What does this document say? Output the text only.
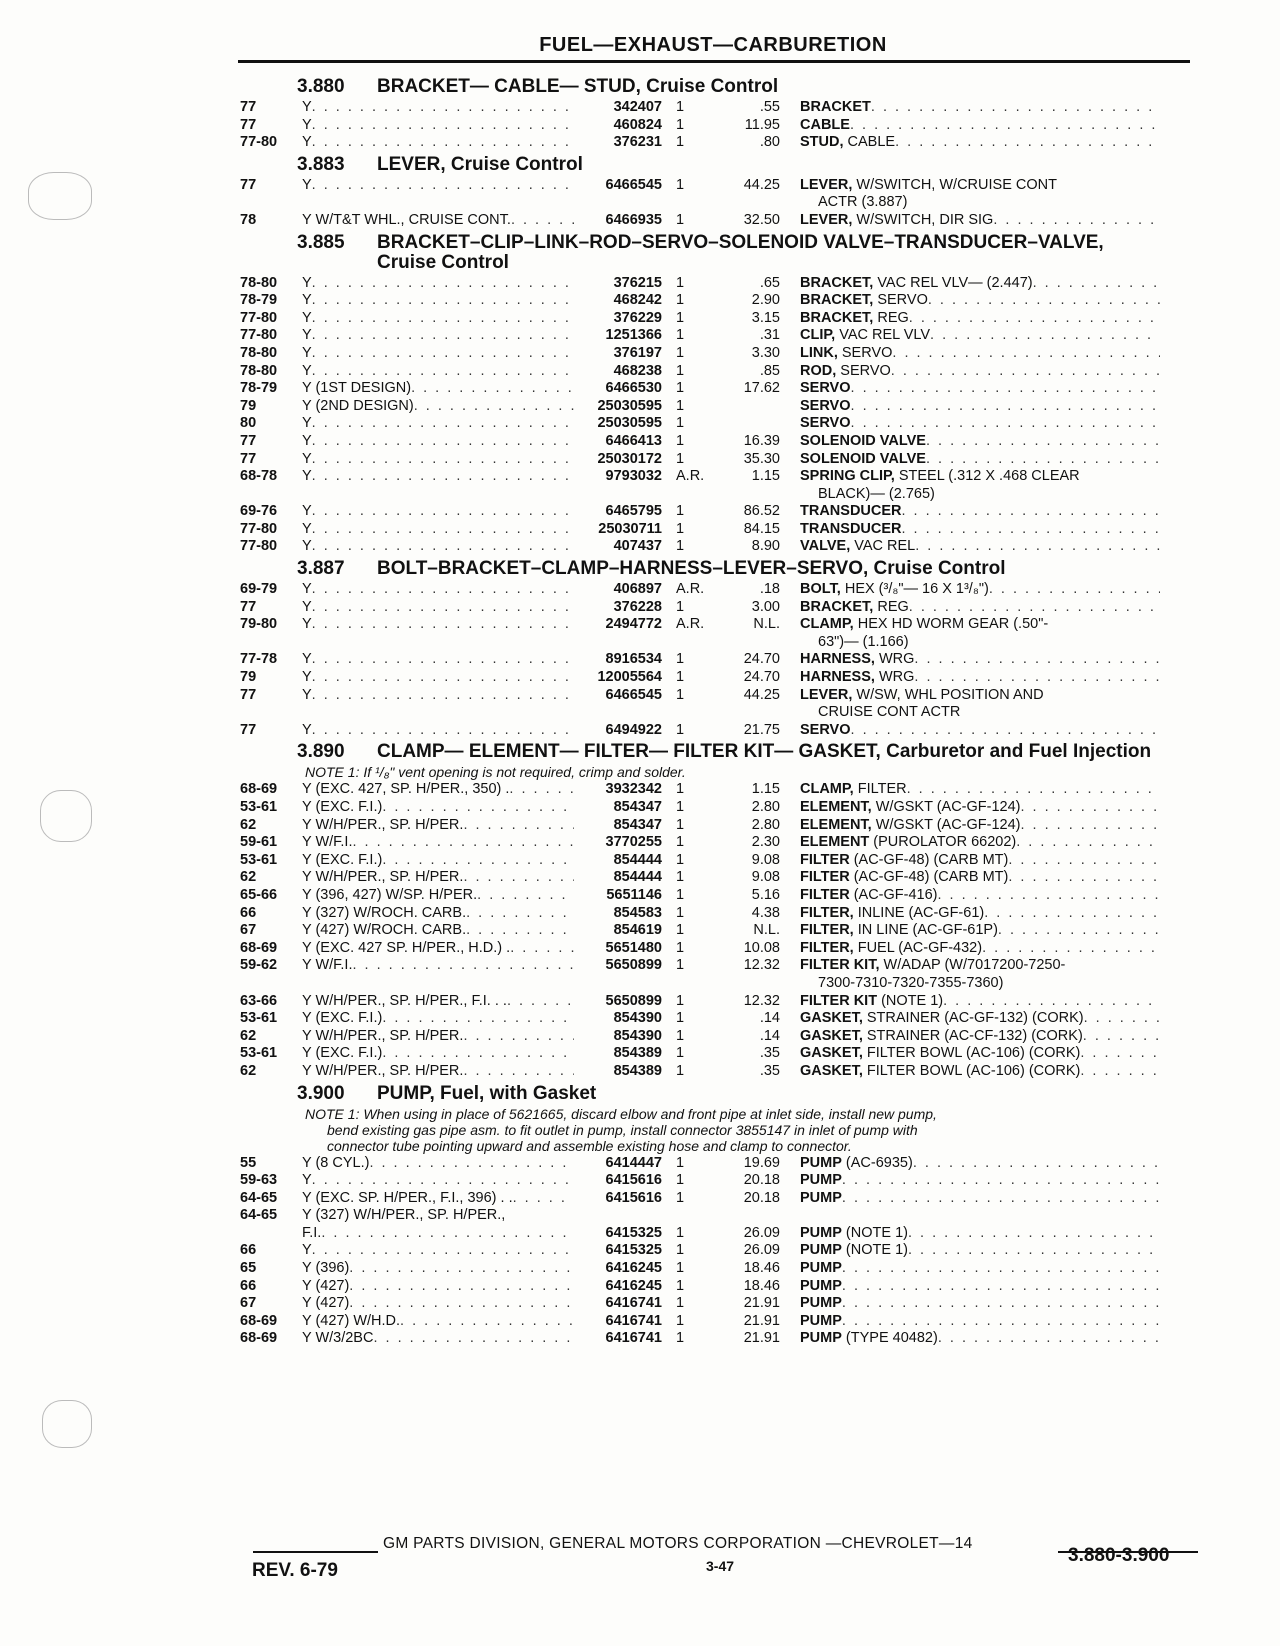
FUEL—EXHAUST—CARBURETION
3.880	BRACKET— CABLE— STUD, Cruise Control
77	Y . . .	342407 1	.55 BRACKET
. . .
77	Y . . .	460824 1	11.95 CABLE
. . .
77-80	Y . . .	376231 1	.80 STUD, CABLE
. . .
3.883	LEVER, Cruise Control
77	Y . . .	6466545 1	44.25 LEVER, W/SWITCH, W/CRUISE CONT
ACTR (3.887)
78	Y W/T&T WHL., CRUISE CONT. . . .	6466935 1	32.50 LEVER, W/SWITCH, DIR SIG
. . .
3.885	BRACKET–CLIP–LINK–ROD–SERVO–SOLENOID VALVE–TRANSDUCER–VALVE, Cruise Control
78-80	Y . . .	376215 1	.65 BRACKET, VAC REL VLV— (2.447)
. . .
78-79	Y . . .	468242 1	2.90 BRACKET, SERVO
. . .
77-80	Y . . .	376229 1	3.15 BRACKET, REG
. . .
77-80	Y . . .	1251366 1	.31 CLIP, VAC REL VLV
. . .
78-80	Y . . .	376197 1	3.30 LINK, SERVO
. . .
78-80	Y . . .	468238 1	.85 ROD, SERVO
. . .
78-79	Y (1ST DESIGN) . . .	6466530 1	17.62 SERVO
. . .
79	Y (2ND DESIGN) . . .	25030595 1	SERVO
. . .
80	Y . . .	25030595 1	SERVO
. . .
77	Y . . .	6466413 1	16.39 SOLENOID VALVE
. . .
77	Y . . .	25030172 1	35.30 SOLENOID VALVE
. . .
68-78	Y . . .	9793032 A.R.	1.15 SPRING CLIP, STEEL (.312 X .468 CLEAR
BLACK)— (2.765)
69-76	Y . . .	6465795 1	86.52 TRANSDUCER
. . .
77-80	Y . . .	25030711 1	84.15 TRANSDUCER
. . .
77-80	Y . . .	407437 1	8.90 VALVE, VAC REL
. . .
3.887	BOLT–BRACKET–CLAMP–HARNESS–LEVER–SERVO, Cruise Control
69-79	Y . . .	406897 A.R.	.18 BOLT, HEX (³/₈"— 16 X 1³/₈")
. . .
77	Y . . .	376228 1	3.00 BRACKET, REG
. . .
79-80	Y . . .	2494772 A.R.	N.L. CLAMP, HEX HD WORM GEAR (.50"-
63")— (1.166)
77-78	Y . . .	8916534 1	24.70 HARNESS, WRG
. . .
79	Y . . .	12005564 1	24.70 HARNESS, WRG
. . .
77	Y . . .	6466545 1	44.25 LEVER, W/SW, WHL POSITION AND
CRUISE CONT ACTR
77	Y . . .	6494922 1	21.75 SERVO
. . .
3.890	CLAMP— ELEMENT— FILTER— FILTER KIT— GASKET, Carburetor and Fuel Injection
NOTE 1: If ¹/₈" vent opening is not required, crimp and solder.

68-69	Y (EXC. 427, SP. H/PER., 350) . . . .	3932342 1	1.15 CLAMP, FILTER
. . .
53-61	Y (EXC. F.I.) . . .	854347 1	2.80 ELEMENT, W/GSKT (AC-GF-124)
. . .
62	Y W/H/PER., SP. H/PER. . . .	854347 1	2.80 ELEMENT, W/GSKT (AC-GF-124)
. . .
59-61	Y W/F.I. . . .	3770255 1	2.30 ELEMENT (PUROLATOR 66202)
. . .
53-61	Y (EXC. F.I.) . . .	854444 1	9.08 FILTER (AC-GF-48) (CARB MT)
. . .
62	Y W/H/PER., SP. H/PER. . . .	854444 1	9.08 FILTER (AC-GF-48) (CARB MT)
. . .
65-66	Y (396, 427) W/SP. H/PER. . . .	5651146 1	5.16 FILTER (AC-GF-416)
. . .
66	Y (327) W/ROCH. CARB. . . .	854583 1	4.38 FILTER, INLINE (AC-GF-61)
. . .
67	Y (427) W/ROCH. CARB. . . .	854619 1	N.L. FILTER, IN LINE (AC-GF-61P)
. . .
68-69	Y (EXC. 427 SP. H/PER., H.D.) . . . .	5651480 1	10.08 FILTER, FUEL (AC-GF-432)
. . .
59-62	Y W/F.I. . . .	5650899 1	12.32 FILTER KIT, W/ADAP (W/7017200-7250-
7300-7310-7320-7355-7360)
63-66	Y W/H/PER., SP. H/PER., F.I. . . . . .	5650899 1	12.32 FILTER KIT (NOTE 1)
. . .
53-61	Y (EXC. F.I.) . . .	854390 1	.14 GASKET, STRAINER (AC-GF-132) (CORK)
. . .
62	Y W/H/PER., SP. H/PER. . . .	854390 1	.14 GASKET, STRAINER (AC-CF-132) (CORK)
. . .
53-61	Y (EXC. F.I.) . . .	854389 1	.35 GASKET, FILTER BOWL (AC-106) (CORK)
. . .
62	Y W/H/PER., SP. H/PER. . . .	854389 1	.35 GASKET, FILTER BOWL (AC-106) (CORK)
. . .
3.900	PUMP, Fuel, with Gasket
NOTE 1: When using in place of 5621665, discard elbow and front pipe at inlet side, install new pump,

bend existing gas pipe asm. to fit outlet in pump, install connector 3855147 in inlet of pump with
connector tube pointing upward and assemble existing hose and clamp to connector.
55	Y (8 CYL.) . . .	6414447 1	19.69 PUMP (AC-6935)
. . .
59-63	Y . . .	6415616 1	20.18 PUMP
. . .
64-65	Y (EXC. SP. H/PER., F.I., 396) . . . . .	6415616 1	20.18 PUMP
. . .
64-65	Y (327) W/H/PER., SP. H/PER.,
F.I. . . .	6415325 1	26.09 PUMP (NOTE 1)
. . .
66	Y . . .	6415325 1	26.09 PUMP (NOTE 1)
. . .
65	Y (396) . . .	6416245 1	18.46 PUMP
. . .
66	Y (427) . . .	6416245 1	18.46 PUMP
. . .
67	Y (427) . . .	6416741 1	21.91 PUMP
. . .
68-69	Y (427) W/H.D. . . .	6416741 1	21.91 PUMP
. . .
68-69	Y W/3/2BC . . .	6416741 1	21.91 PUMP (TYPE 40482)
. . .
GM PARTS DIVISION, GENERAL MOTORS CORPORATION —CHEVROLET—14
REV. 6-79	3-47	3.880-3.900
